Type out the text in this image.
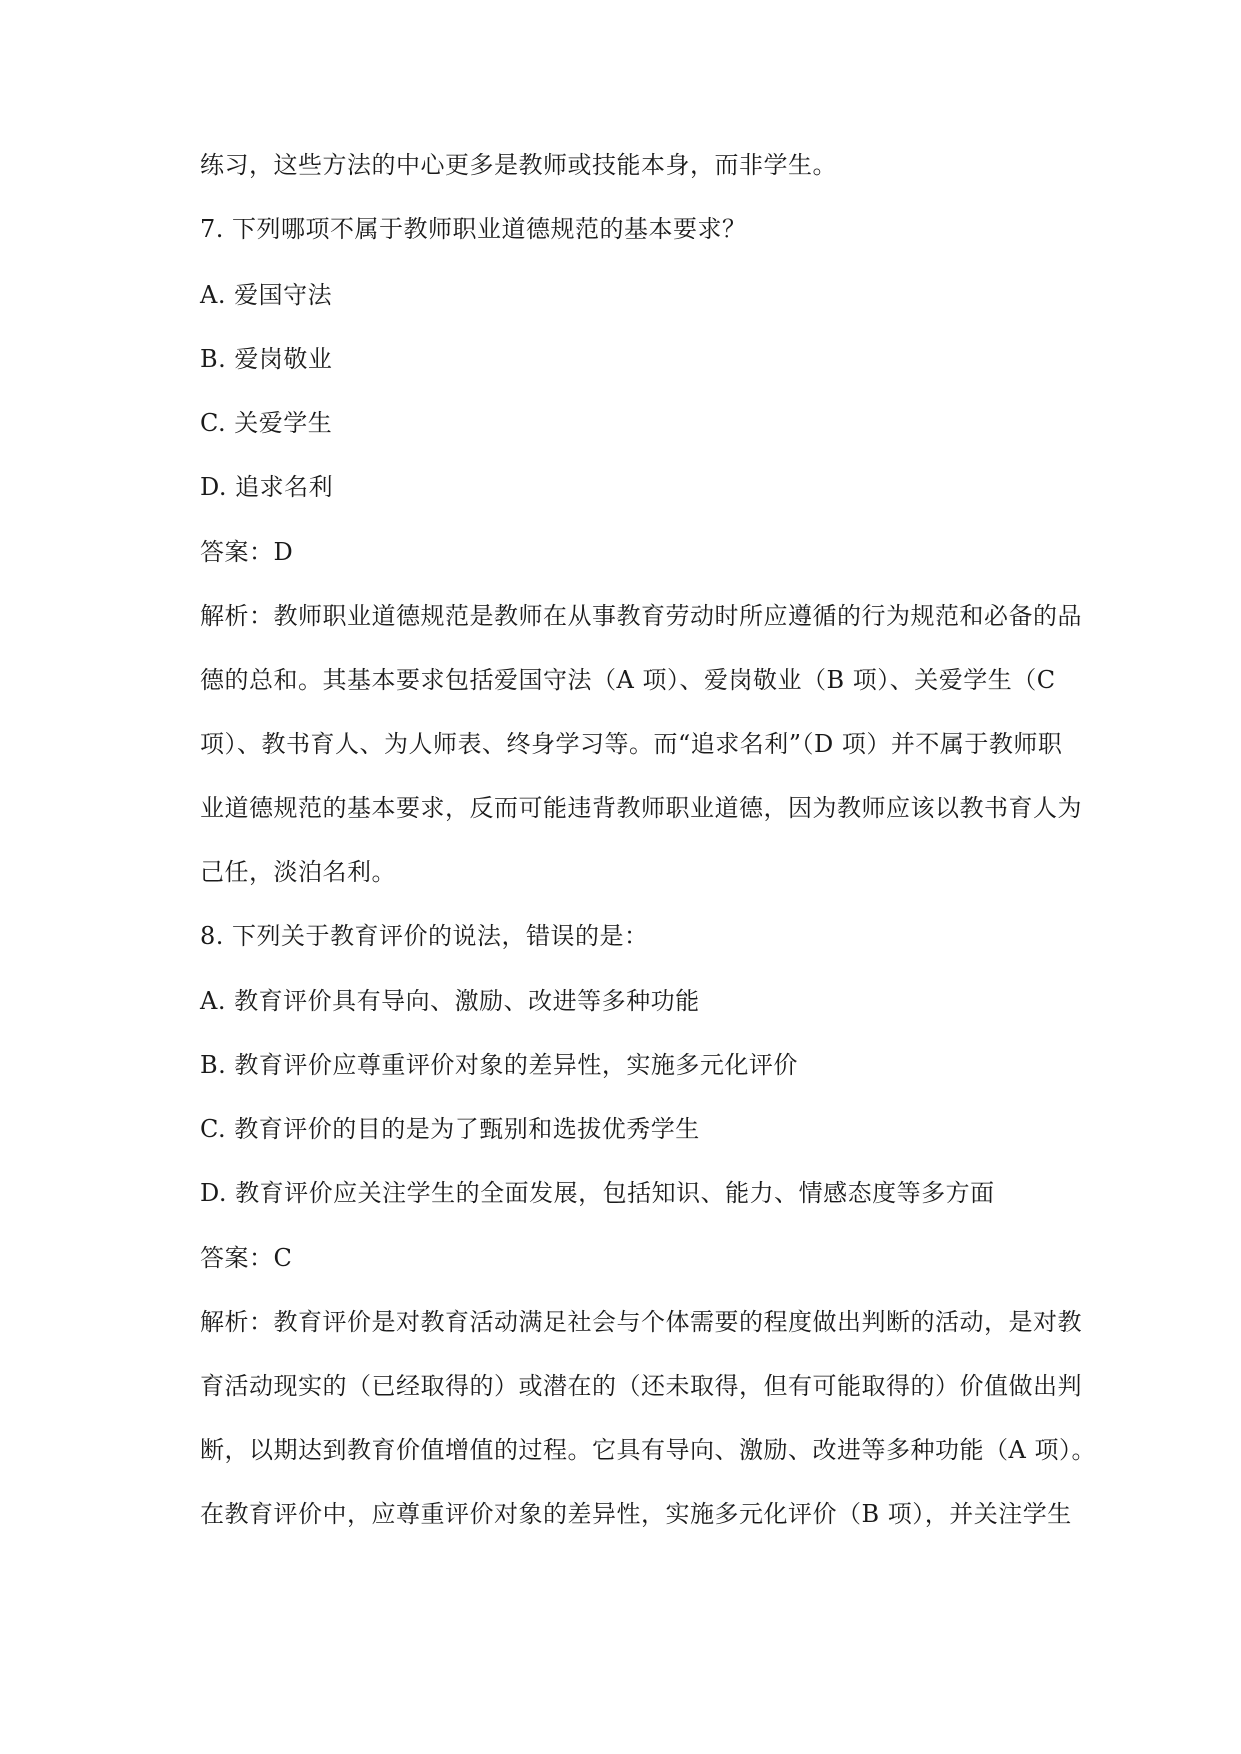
练习，这些方法的中心更多是教师或技能本身，而非学生。
7. 下列哪项不属于教师职业道德规范的基本要求？
A. 爱国守法
B. 爱岗敬业
C. 关爱学生
D. 追求名利
答案：D
解析：教师职业道德规范是教师在从事教育劳动时所应遵循的行为规范和必备的品
德的总和。其基本要求包括爱国守法（A 项）、爱岗敬业（B 项）、关爱学生（C
项）、教书育人、为人师表、终身学习等。而“追求名利”（D 项）并不属于教师职
业道德规范的基本要求，反而可能违背教师职业道德，因为教师应该以教书育人为
己任，淡泊名利。
8. 下列关于教育评价的说法，错误的是：
A. 教育评价具有导向、激励、改进等多种功能
B. 教育评价应尊重评价对象的差异性，实施多元化评价
C. 教育评价的目的是为了甄别和选拔优秀学生
D. 教育评价应关注学生的全面发展，包括知识、能力、情感态度等多方面
答案：C
解析：教育评价是对教育活动满足社会与个体需要的程度做出判断的活动，是对教
育活动现实的（已经取得的）或潜在的（还未取得，但有可能取得的）价值做出判
断，以期达到教育价值增值的过程。它具有导向、激励、改进等多种功能（A 项）。
在教育评价中，应尊重评价对象的差异性，实施多元化评价（B 项），并关注学生
